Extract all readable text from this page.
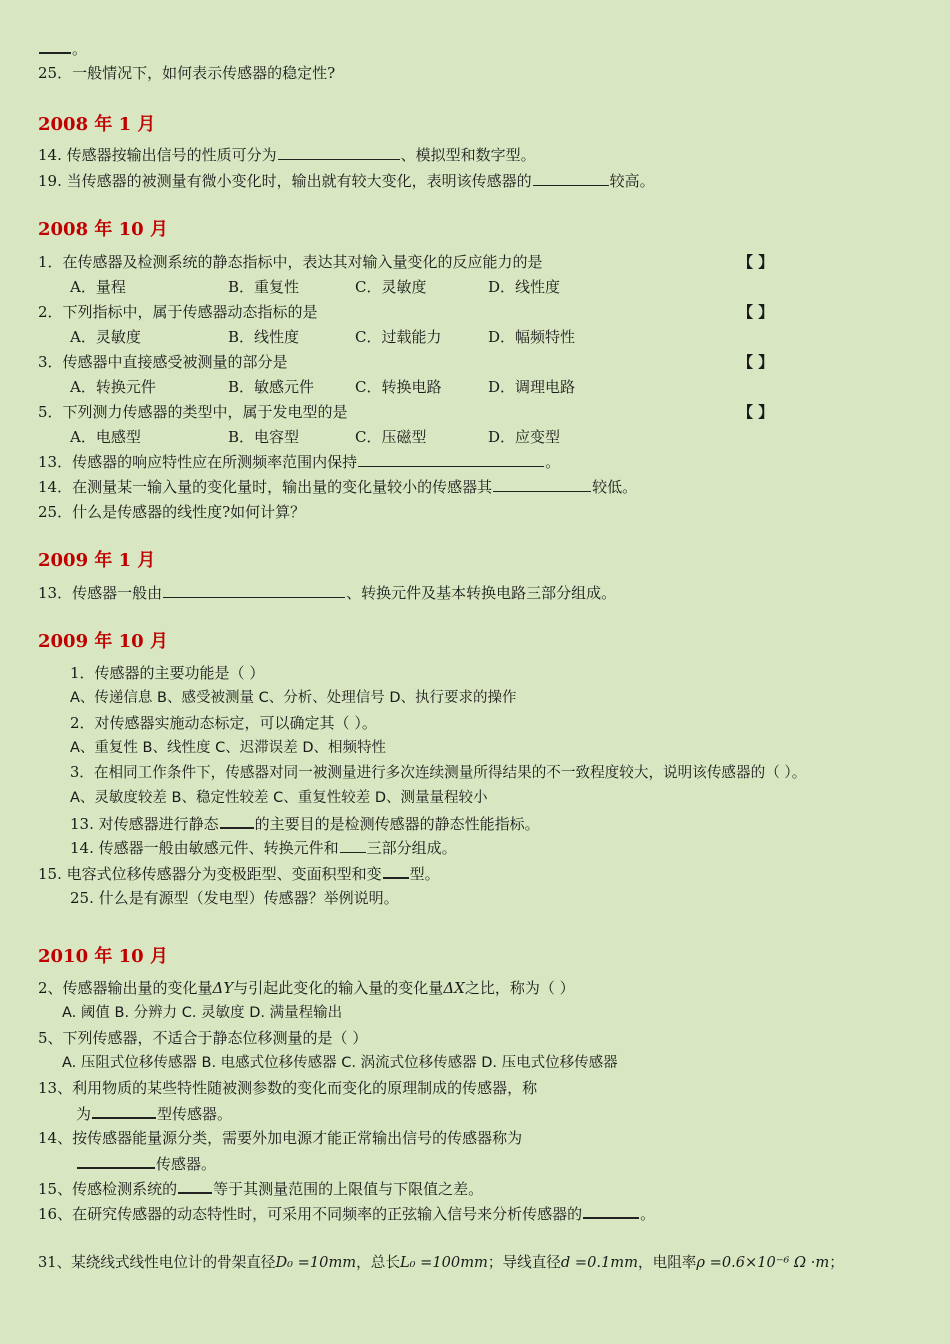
。
25．一般情况下，如何表示传感器的稳定性?
2008 年 1 月
14. 传感器按输出信号的性质可分为	、模拟型和数字型。
19. 当传感器的被测量有微小变化时，输出就有较大变化，表明该传感器的	较高。
2008 年 10 月
1．在传感器及检测系统的静态指标中，表达其对输入量变化的反应能力的是	【 】
A．量程	B．重复性	C．灵敏度	D．线性度
2．下列指标中，属于传感器动态指标的是	【 】
A．灵敏度	B．线性度	C．过载能力	D．幅频特性
3．传感器中直接感受被测量的部分是	【 】
A．转换元件	B．敏感元件	C．转换电路	D．调理电路
5．下列测力传感器的类型中，属于发电型的是	【 】
A．电感型	B．电容型	C．压磁型	D．应变型
13．传感器的响应特性应在所测频率范围内保持	。
14．在测量某一输入量的变化量时，输出量的变化量较小的传感器其	较低。
25．什么是传感器的线性度?如何计算？
2009 年 1 月
13．传感器一般由	、转换元件及基本转换电路三部分组成。
2009 年 10 月
1．传感器的主要功能是（ ）
A、传递信息 B、感受被测量 C、分析、处理信号 D、执行要求的操作
2．对传感器实施动态标定，可以确定其（ ）。
A、重复性 B、线性度 C、迟滞误差 D、相频特性
3．在相同工作条件下，传感器对同一被测量进行多次连续测量所得结果的不一致程度较大，说明该传感器的（ ）。
A、灵敏度较差 B、稳定性较差 C、重复性较差 D、测量量程较小
13. 对传感器进行静态 的主要目的是检测传感器的静态性能指标。
14. 传感器一般由敏感元件、转换元件和 三部分组成。
15. 电容式位移传感器分为变极距型、变面积型和变 型。
25. 什么是有源型（发电型）传感器？举例说明。
2010 年 10 月
2、传感器输出量的变化量ΔY与引起此变化的输入量的变化量ΔX之比，称为（ ）
A. 阈值 B. 分辨力 C. 灵敏度 D. 满量程输出
5、下列传感器，不适合于静态位移测量的是（ ）
A. 压阻式位移传感器 B. 电感式位移传感器 C. 涡流式位移传感器 D. 压电式位移传感器
13、利用物质的某些特性随被测参数的变化而变化的原理制成的传感器，称
为	型传感器。
14、按传感器能量源分类，需要外加电源才能正常输出信号的传感器称为
传感器。
15、传感检测系统的 等于其测量范围的上限值与下限值之差。
16、在研究传感器的动态特性时，可采用不同频率的正弦输入信号来分析传感器的	。
31、某绕线式线性电位计的骨架直径D₀ =10mm，总长L₀ =100mm；导线直径d =0.1mm，电阻率ρ =0.6×10⁻⁶ Ω ·m；
